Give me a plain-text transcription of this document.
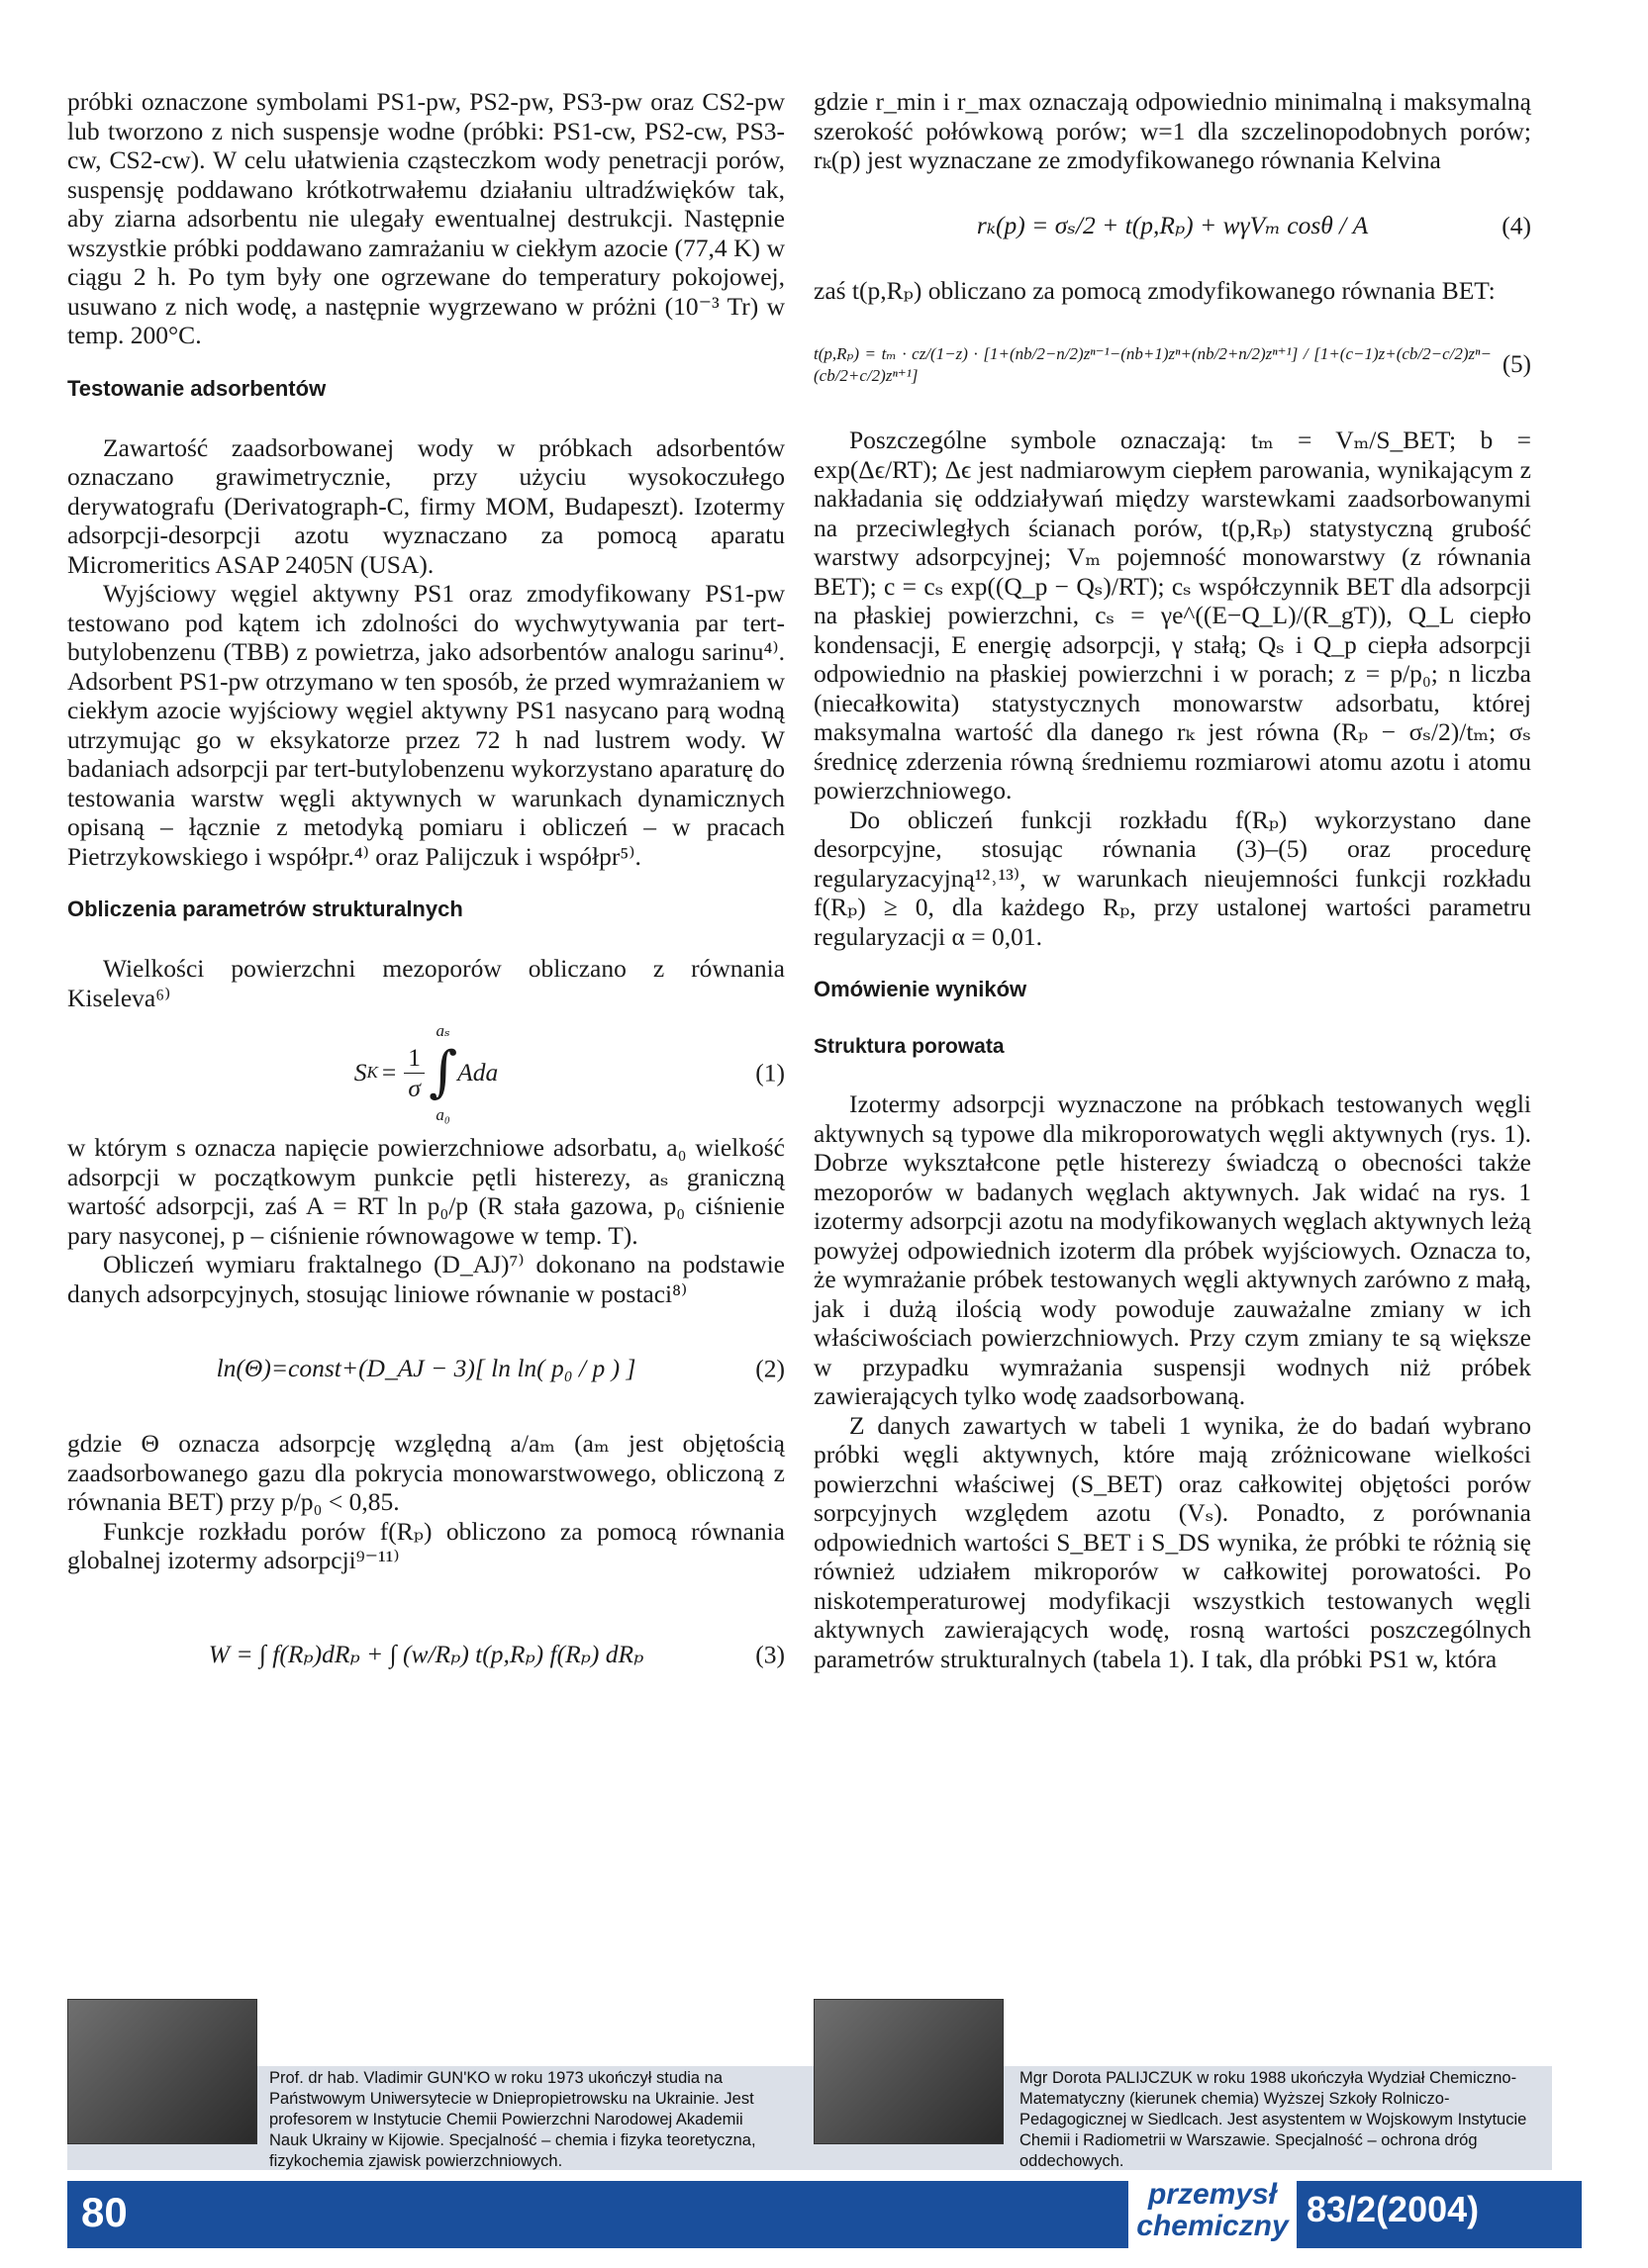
próbki oznaczone symbolami PS1-pw, PS2-pw, PS3-pw oraz CS2-pw lub tworzono z nich suspensje wodne (próbki: PS1-cw, PS2-cw, PS3-cw, CS2-cw). W celu ułatwienia cząsteczkom wody penetracji porów, suspensję poddawano krótkotrwałemu działaniu ultradźwięków tak, aby ziarna adsorbentu nie ulegały ewentualnej destrukcji. Następnie wszystkie próbki poddawano zamrażaniu w ciekłym azocie (77,4 K) w ciągu 2 h. Po tym były one ogrzewane do temperatury pokojowej, usuwano z nich wodę, a następnie wygrzewano w próżni (10⁻³ Tr) w temp. 200°C.

Testowanie adsorbentów

Zawartość zaadsorbowanej wody w próbkach adsorbentów oznaczano grawimetrycznie, przy użyciu wysokoczułego derywatografu (Derivatograph-C, firmy MOM, Budapeszt). Izotermy adsorpcji-desorpcji azotu wyznaczano za pomocą aparatu Micromeritics ASAP 2405N (USA).

Wyjściowy węgiel aktywny PS1 oraz zmodyfikowany PS1-pw testowano pod kątem ich zdolności do wychwytywania par tert-butylobenzenu (TBB) z powietrza, jako adsorbentów analogu sarinu⁴⁾. Adsorbent PS1-pw otrzymano w ten sposób, że przed wymrażaniem w ciekłym azocie wyjściowy węgiel aktywny PS1 nasycano parą wodną utrzymując go w eksykatorze przez 72 h nad lustrem wody. W badaniach adsorpcji par tert-butylobenzenu wykorzystano aparaturę do testowania warstw węgli aktywnych w warunkach dynamicznych opisaną – łącznie z metodyką pomiaru i obliczeń – w pracach Pietrzykowskiego i współpr.⁴⁾ oraz Palijczuk i współpr⁵⁾.

Obliczenia parametrów strukturalnych

Wielkości powierzchni mezoporów obliczano z równania Kiseleva⁶⁾

S $K = \frac{1}{\sigma}$
aₛ
∫
a₀
Ada	(1)

w którym s oznacza napięcie powierzchniowe adsorbatu, a₀ wielkość adsorpcji w początkowym punkcie pętli histerezy, aₛ graniczną wartość adsorpcji, zaś A = RT ln p₀/p (R stała gazowa, p₀ ciśnienie pary nasyconej, p – ciśnienie równowagowe w temp. T).

Obliczeń wymiaru fraktalnego (D_AJ)⁷⁾ dokonano na podstawie danych adsorpcyjnych, stosując liniowe równanie w postaci⁸⁾

ln(Θ)=const+(D_AJ − 3)[ ln ln( p₀ / p ) ]	(2)

gdzie Θ oznacza adsorpcję względną a/aₘ (aₘ jest objętością zaadsorbowanego gazu dla pokrycia monowarstwowego, obliczoną z równania BET) przy p/p₀ < 0,85.

Funkcje rozkładu porów f(Rₚ) obliczono za pomocą równania globalnej izotermy adsorpcji⁹⁻¹¹⁾

W = ∫ f(Rₚ)dRₚ + ∫ (w/Rₚ) t(p,Rₚ) f(Rₚ) dRₚ	(3)

gdzie r_min i r_max oznaczają odpowiednio minimalną i maksymalną szerokość połówkową porów; w=1 dla szczelinopodobnych porów; rₖ(p) jest wyznaczane ze zmodyfikowanego równania Kelvina

rₖ(p) = σₛ/2 + t(p,Rₚ) + wγVₘ cosθ / A	(4)

zaś t(p,Rₚ) obliczano za pomocą zmodyfikowanego równania BET:

t(p,Rₚ) = tₘ · cz/(1−z) · [1+(nb/2−n/2)zⁿ⁻¹−(nb+1)zⁿ+(nb/2+n/2)zⁿ⁺¹] / [1+(c−1)z+(cb/2−c/2)zⁿ−(cb/2+c/2)zⁿ⁺¹]	(5)

Poszczególne symbole oznaczają: tₘ = Vₘ/S_BET; b = exp(Δϵ/RT); Δϵ jest nadmiarowym ciepłem parowania, wynikającym z nakładania się oddziaływań między warstewkami zaadsorbowanymi na przeciwległych ścianach porów, t(p,Rₚ) statystyczną grubość warstwy adsorpcyjnej; Vₘ pojemność monowarstwy (z równania BET); c = cₛ exp((Q_p − Qₛ)/RT); cₛ współczynnik BET dla adsorpcji na płaskiej powierzchni, cₛ = γe^((E−Q_L)/(R_gT)), Q_L ciepło kondensacji, E energię adsorpcji, γ stałą; Qₛ i Q_p ciepła adsorpcji odpowiednio na płaskiej powierzchni i w porach; z = p/p₀; n liczba (niecałkowita) statystycznych monowarstw adsorbatu, której maksymalna wartość dla danego rₖ jest równa (Rₚ − σₛ/2)/tₘ; σₛ średnicę zderzenia równą średniemu rozmiarowi atomu azotu i atomu powierzchniowego.

Do obliczeń funkcji rozkładu f(Rₚ) wykorzystano dane desorpcyjne, stosując równania (3)–(5) oraz procedurę regularyzacyjną¹²˒¹³⁾, w warunkach nieujemności funkcji rozkładu f(Rₚ) ≥ 0, dla każdego Rₚ, przy ustalonej wartości parametru regularyzacji α = 0,01.

Omówienie wyników
Struktura porowata

Izotermy adsorpcji wyznaczone na próbkach testowanych węgli aktywnych są typowe dla mikroporowatych węgli aktywnych (rys. 1). Dobrze wykształcone pętle histerezy świadczą o obecności także mezoporów w badanych węglach aktywnych. Jak widać na rys. 1 izotermy adsorpcji azotu na modyfikowanych węglach aktywnych leżą powyżej odpowiednich izoterm dla próbek wyjściowych. Oznacza to, że wymrażanie próbek testowanych węgli aktywnych zarówno z małą, jak i dużą ilością wody powoduje zauważalne zmiany w ich właściwościach powierzchniowych. Przy czym zmiany te są większe w przypadku wymrażania suspensji wodnych niż próbek zawierających tylko wodę zaadsorbowaną.

Z danych zawartych w tabeli 1 wynika, że do badań wybrano próbki węgli aktywnych, które mają zróżnicowane wielkości powierzchni właściwej (S_BET) oraz całkowitej objętości porów sorpcyjnych względem azotu (Vₛ). Ponadto, z porównania odpowiednich wartości S_BET i S_DS wynika, że próbki te różnią się również udziałem mikroporów w całkowitej porowatości. Po niskotemperaturowej modyfikacji wszystkich testowanych węgli aktywnych zawierających wodę, rosną wartości poszczególnych parametrów strukturalnych (tabela 1). I tak, dla próbki PS1 w, która

Prof. dr hab. Vladimir GUN'KO w roku 1973 ukończył studia na Państwowym Uniwersytecie w Dniepropietrowsku na Ukrainie. Jest profesorem w Instytucie Chemii Powierzchni Narodowej Akademii Nauk Ukrainy w Kijowie. Specjalność – chemia i fizyka teoretyczna, fizykochemia zjawisk powierzchniowych.
Mgr Dorota PALIJCZUK w roku 1988 ukończyła Wydział Chemiczno-Matematyczny (kierunek chemia) Wyższej Szkoły Rolniczo-Pedagogicznej w Siedlcach. Jest asystentem w Wojskowym Instytucie Chemii i Radiometrii w Warszawie. Specjalność – ochrona dróg oddechowych.
80	przemysł
chemiczny 83/2(2004)
